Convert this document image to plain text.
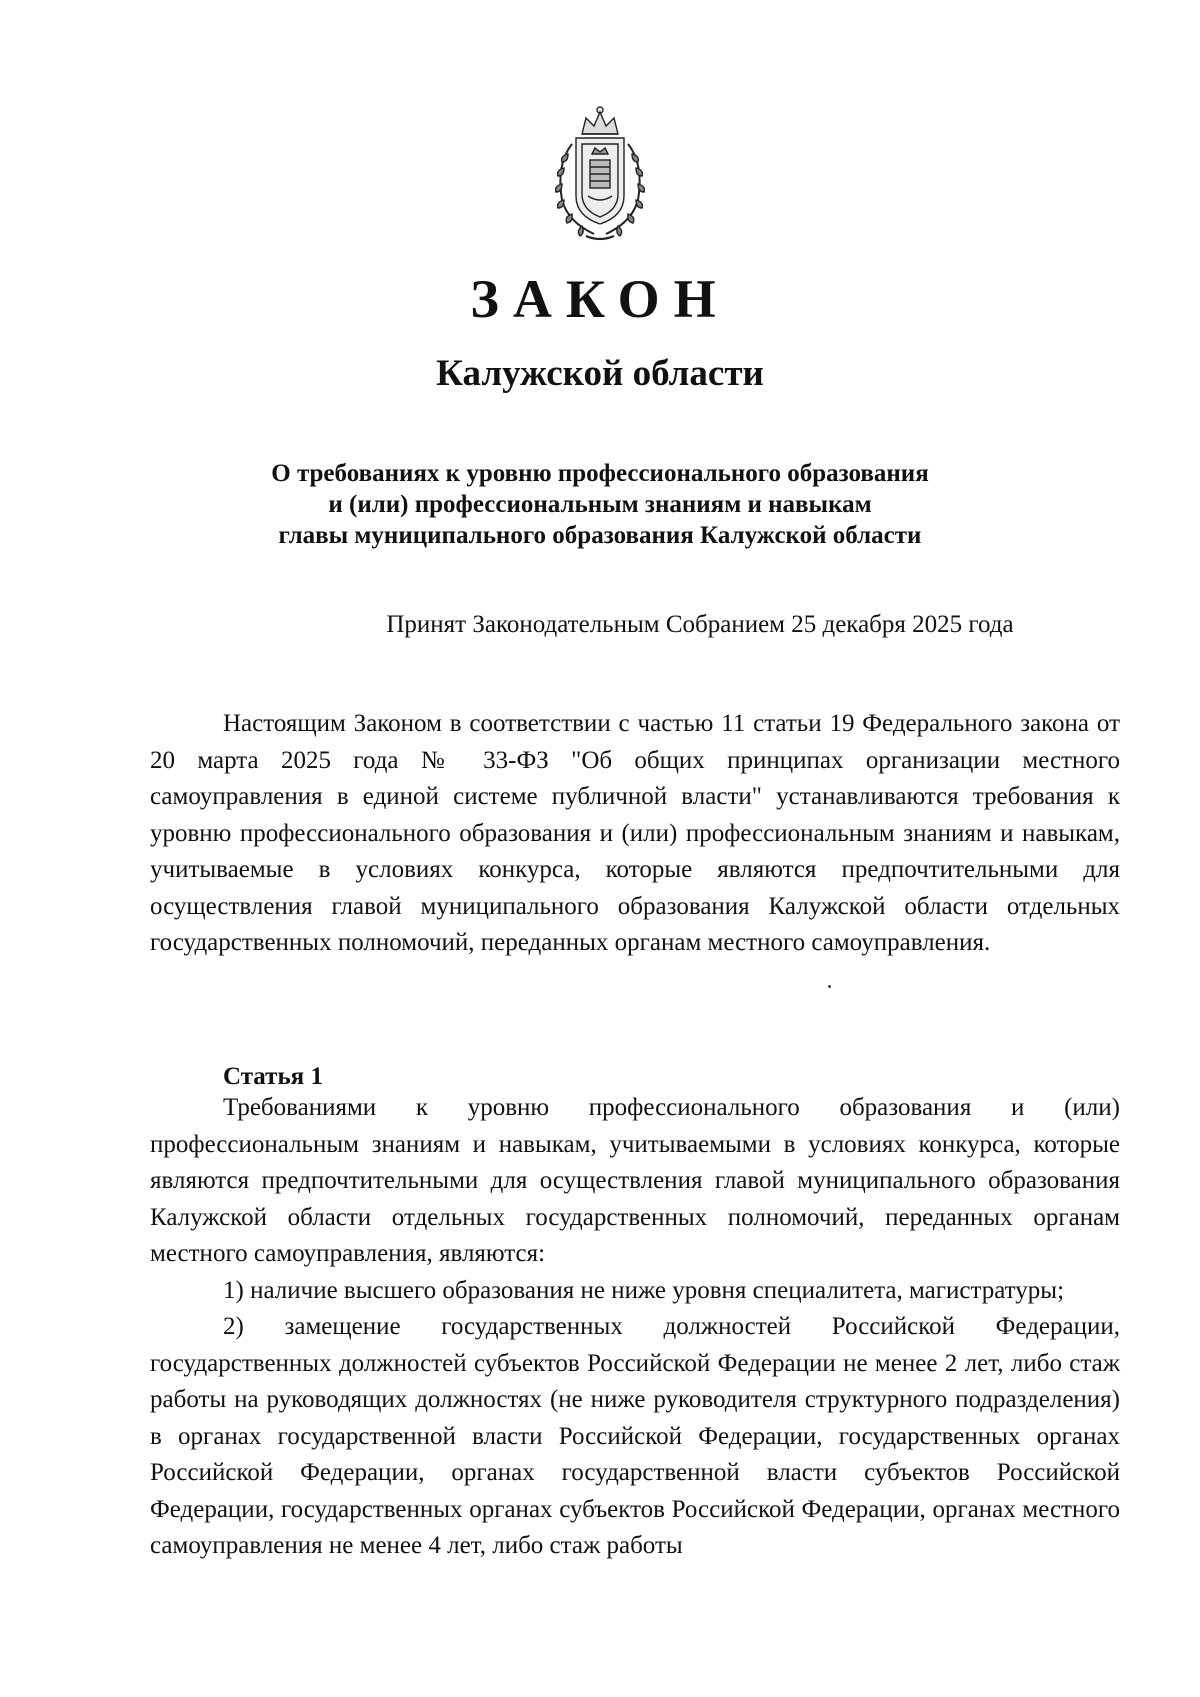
ЗАКОН
Калужской области
О требованиях к уровню профессионального образования
и (или) профессиональным знаниям и навыкам
главы муниципального образования Калужской области
Принят Законодательным Собранием 25 декабря 2025 года

Настоящим Законом в соответствии с частью 11 статьи 19 Федерального закона от 20 марта 2025 года № 33-ФЗ "Об общих принципах организации местного самоуправления в единой системе публичной власти" устанавливаются требования к уровню профессионального образования и (или) профессиональным знаниям и навыкам, учитываемые в условиях конкурса, которые являются предпочтительными для осуществления главой муниципального образования Калужской области отдельных государственных полномочий, переданных органам местного самоуправления.

Статья 1

Требованиями к уровню профессионального образования и (или) профессиональным знаниям и навыкам, учитываемыми в условиях конкурса, которые являются предпочтительными для осуществления главой муниципального образования Калужской области отдельных государственных полномочий, переданных органам местного самоуправления, являются:

1) наличие высшего образования не ниже уровня специалитета, магистратуры;

2) замещение государственных должностей Российской Федерации, государственных должностей субъектов Российской Федерации не менее 2 лет, либо стаж работы на руководящих должностях (не ниже руководителя структурного подразделения) в органах государственной власти Российской Федерации, государственных органах Российской Федерации, органах государственной власти субъектов Российской Федерации, государственных органах субъектов Российской Федерации, органах местного самоуправления не менее 4 лет, либо стаж работы
